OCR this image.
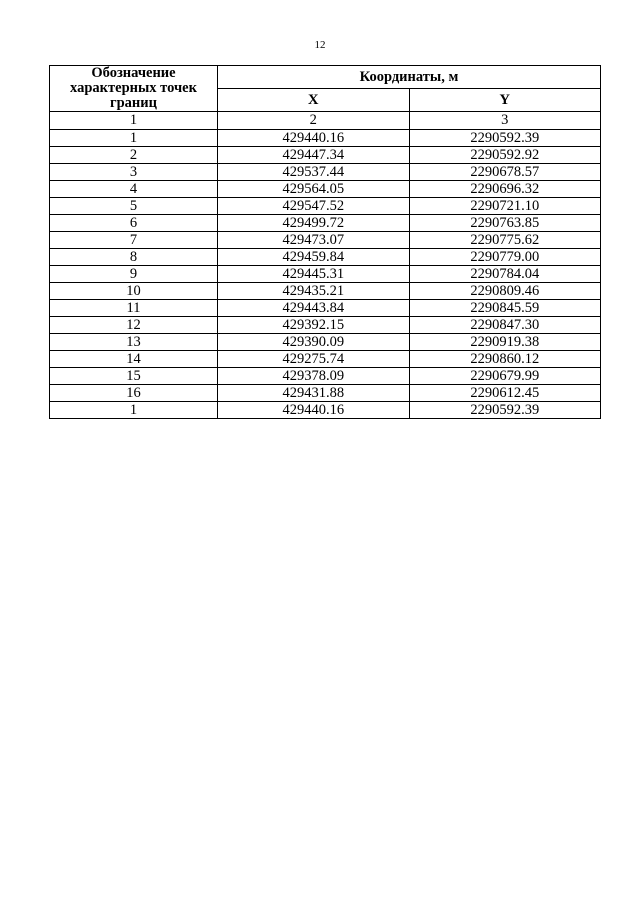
12
Обозначение характерных точек границ	Координаты, м	
	X	Y
1	2	3
1	429440.16	2290592.39
2	429447.34	2290592.92
3	429537.44	2290678.57
4	429564.05	2290696.32
5	429547.52	2290721.10
6	429499.72	2290763.85
7	429473.07	2290775.62
8	429459.84	2290779.00
9	429445.31	2290784.04
10	429435.21	2290809.46
11	429443.84	2290845.59
12	429392.15	2290847.30
13	429390.09	2290919.38
14	429275.74	2290860.12
15	429378.09	2290679.99
16	429431.88	2290612.45
1	429440.16	2290592.39
